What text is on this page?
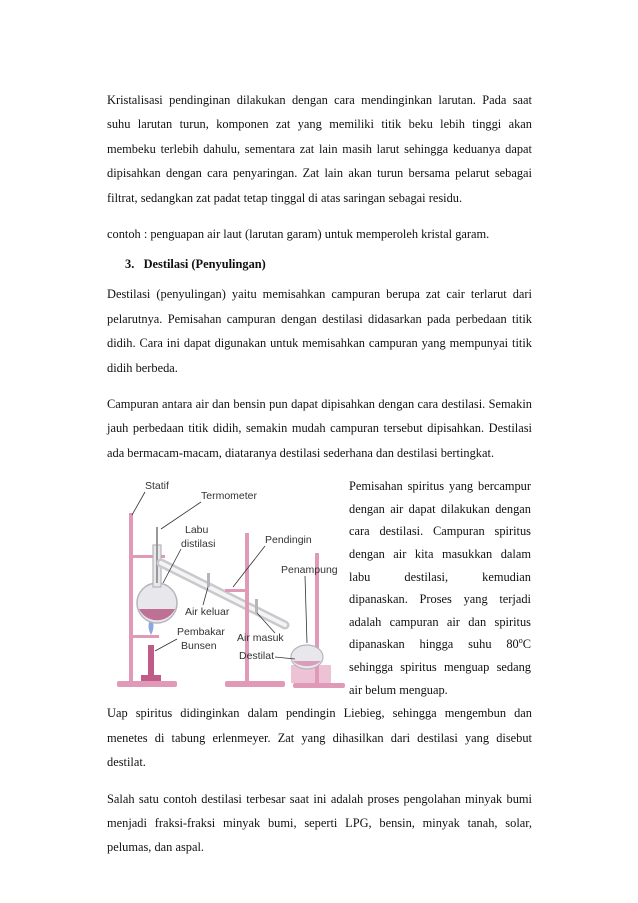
Kristalisasi pendinginan dilakukan dengan cara mendinginkan larutan. Pada saat suhu larutan turun, komponen zat yang memiliki titik beku lebih tinggi akan membeku terlebih dahulu, sementara zat lain masih larut sehingga keduanya dapat dipisahkan dengan cara penyaringan. Zat lain akan turun bersama pelarut sebagai filtrat, sedangkan zat padat tetap tinggal di atas saringan sebagai residu.

contoh : penguapan air laut (larutan garam) untuk memperoleh kristal garam.

3. Destilasi (Penyulingan)

Destilasi (penyulingan) yaitu memisahkan campuran berupa zat cair terlarut dari pelarutnya. Pemisahan campuran dengan destilasi didasarkan pada perbedaan titik didih. Cara ini dapat digunakan untuk memisahkan campuran yang mempunyai titik didih berbeda.

Campuran antara air dan bensin pun dapat dipisahkan dengan cara destilasi. Semakin jauh perbedaan titik didih, semakin mudah campuran tersebut dipisahkan. Destilasi ada bermacam-macam, diataranya destilasi sederhana dan destilasi bertingkat.

Statif
Termometer
Labu
distilasi	Pendingin
Penampung
Air keluar
Pembakar
Bunsen
Air masuk
Destilat

Pemisahan spiritus yang bercampur dengan air dapat dilakukan dengan cara destilasi. Campuran spiritus dengan air kita masukkan dalam labu destilasi, kemudian dipanaskan. Proses yang terjadi adalah campuran air dan spiritus dipanaskan hingga suhu 80$^o$C sehingga spiritus menguap sedang air belum menguap.

Uap spiritus didinginkan dalam pendingin Liebieg, sehingga mengembun dan menetes di tabung erlenmeyer. Zat yang dihasilkan dari destilasi yang disebut destilat.

Salah satu contoh destilasi terbesar saat ini adalah proses pengolahan minyak bumi menjadi fraksi-fraksi minyak bumi, seperti LPG, bensin, minyak tanah, solar, pelumas, dan aspal.
